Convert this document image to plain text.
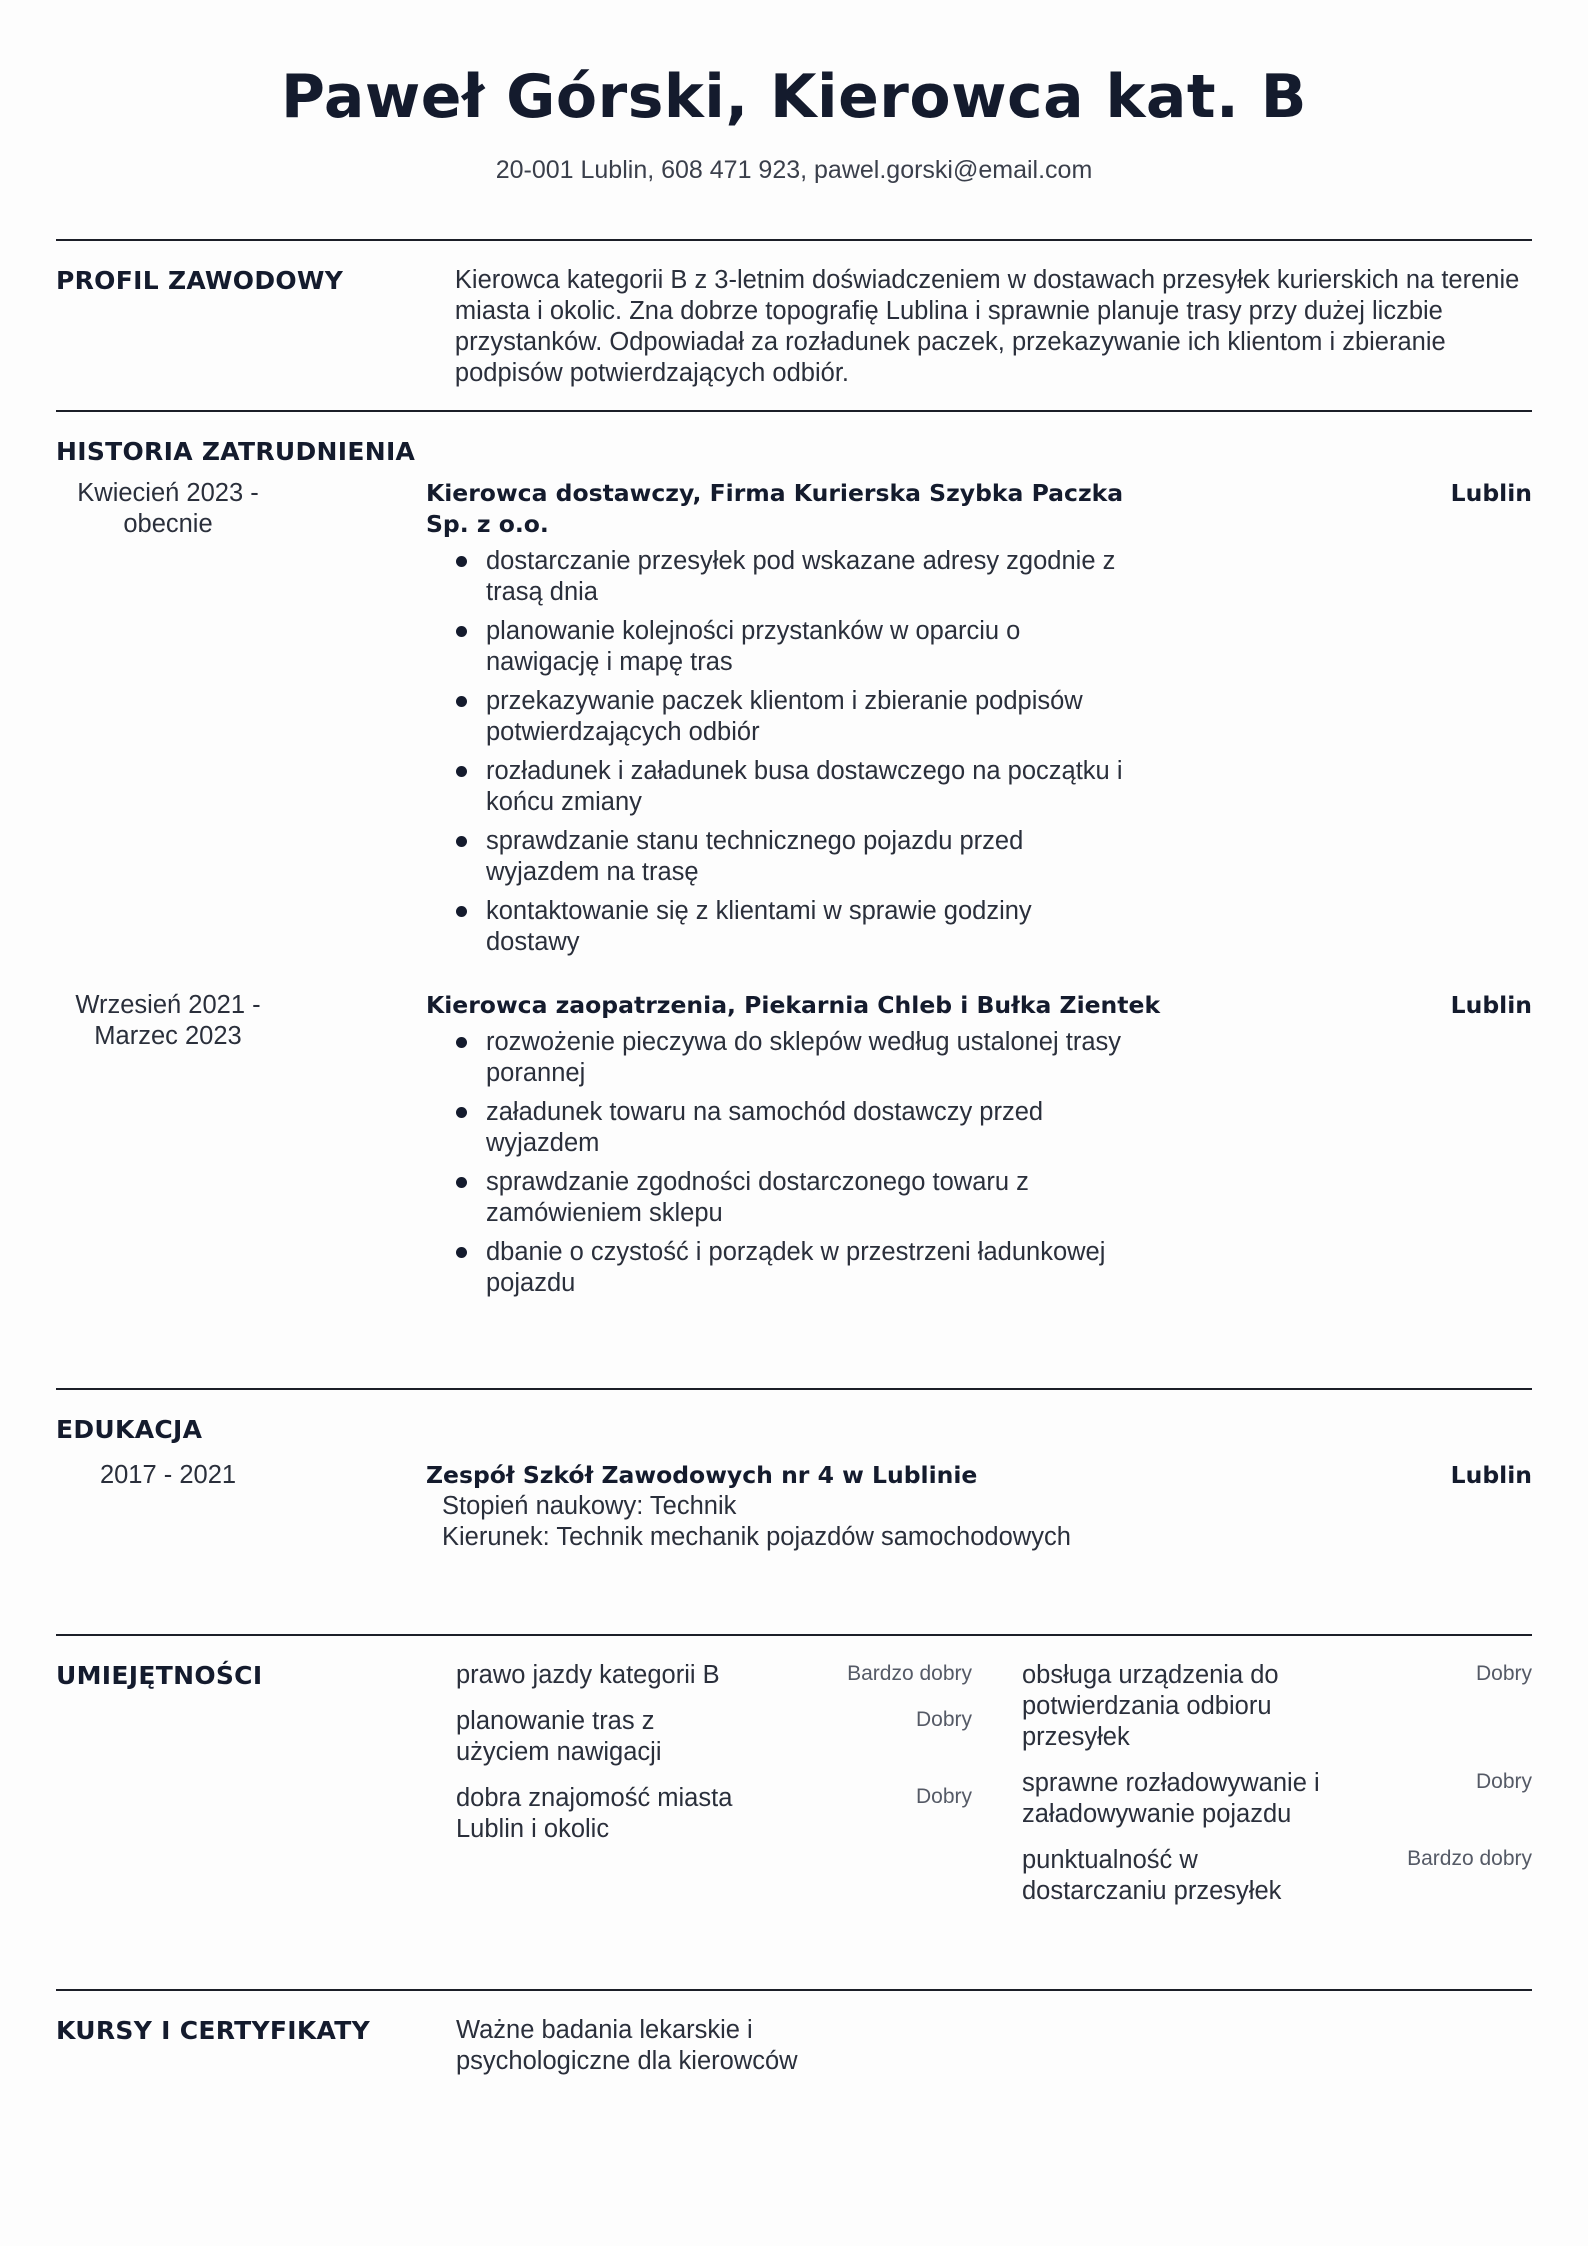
Paweł Górski, Kierowca kat. B
20-001 Lublin, 608 471 923, pawel.gorski@email.com
PROFIL ZAWODOWY	Kierowca kategorii B z 3-letnim doświadczeniem w dostawach przesyłek kurierskich na terenie miasta i okolic. Zna dobrze topografię Lublina i sprawnie planuje trasy przy dużej liczbie przystanków. Odpowiadał za rozładunek paczek, przekazywanie ich klientom i zbieranie podpisów potwierdzających odbiór.
HISTORIA ZATRUDNIENIA
Kwiecień 2023 - obecnie
Kierowca dostawczy, Firma Kurierska Szybka Paczka Sp. z o.o.
dostarczanie przesyłek pod wskazane adresy zgodnie z trasą dnia
planowanie kolejności przystanków w oparciu o nawigację i mapę tras
przekazywanie paczek klientom i zbieranie podpisów potwierdzających odbiór
rozładunek i załadunek busa dostawczego na początku i końcu zmiany
sprawdzanie stanu technicznego pojazdu przed wyjazdem na trasę
kontaktowanie się z klientami w sprawie godziny dostawy
Lublin
Wrzesień 2021 - Marzec 2023
Kierowca zaopatrzenia, Piekarnia Chleb i Bułka Zientek
rozwożenie pieczywa do sklepów według ustalonej trasy porannej
załadunek towaru na samochód dostawczy przed wyjazdem
sprawdzanie zgodności dostarczonego towaru z zamówieniem sklepu
dbanie o czystość i porządek w przestrzeni ładunkowej pojazdu
Lublin
EDUKACJA
2017 - 2021	Zespół Szkół Zawodowych nr 4 w Lublinie
Stopień naukowy: Technik
Kierunek: Technik mechanik pojazdów samochodowych
Lublin
UMIEJĘTNOŚCI	prawo jazdy kategorii B	Bardzo dobry
planowanie tras z użyciem nawigacji
Dobry
dobra znajomość miasta Lublin i okolic
Dobry
obsługa urządzenia do potwierdzania odbioru przesyłek
Dobry
sprawne rozładowywanie i załadowywanie pojazdu
Dobry
punktualność w dostarczaniu przesyłek
Bardzo dobry
KURSY I CERTYFIKATY	Ważne badania lekarskie i psychologiczne dla kierowców
